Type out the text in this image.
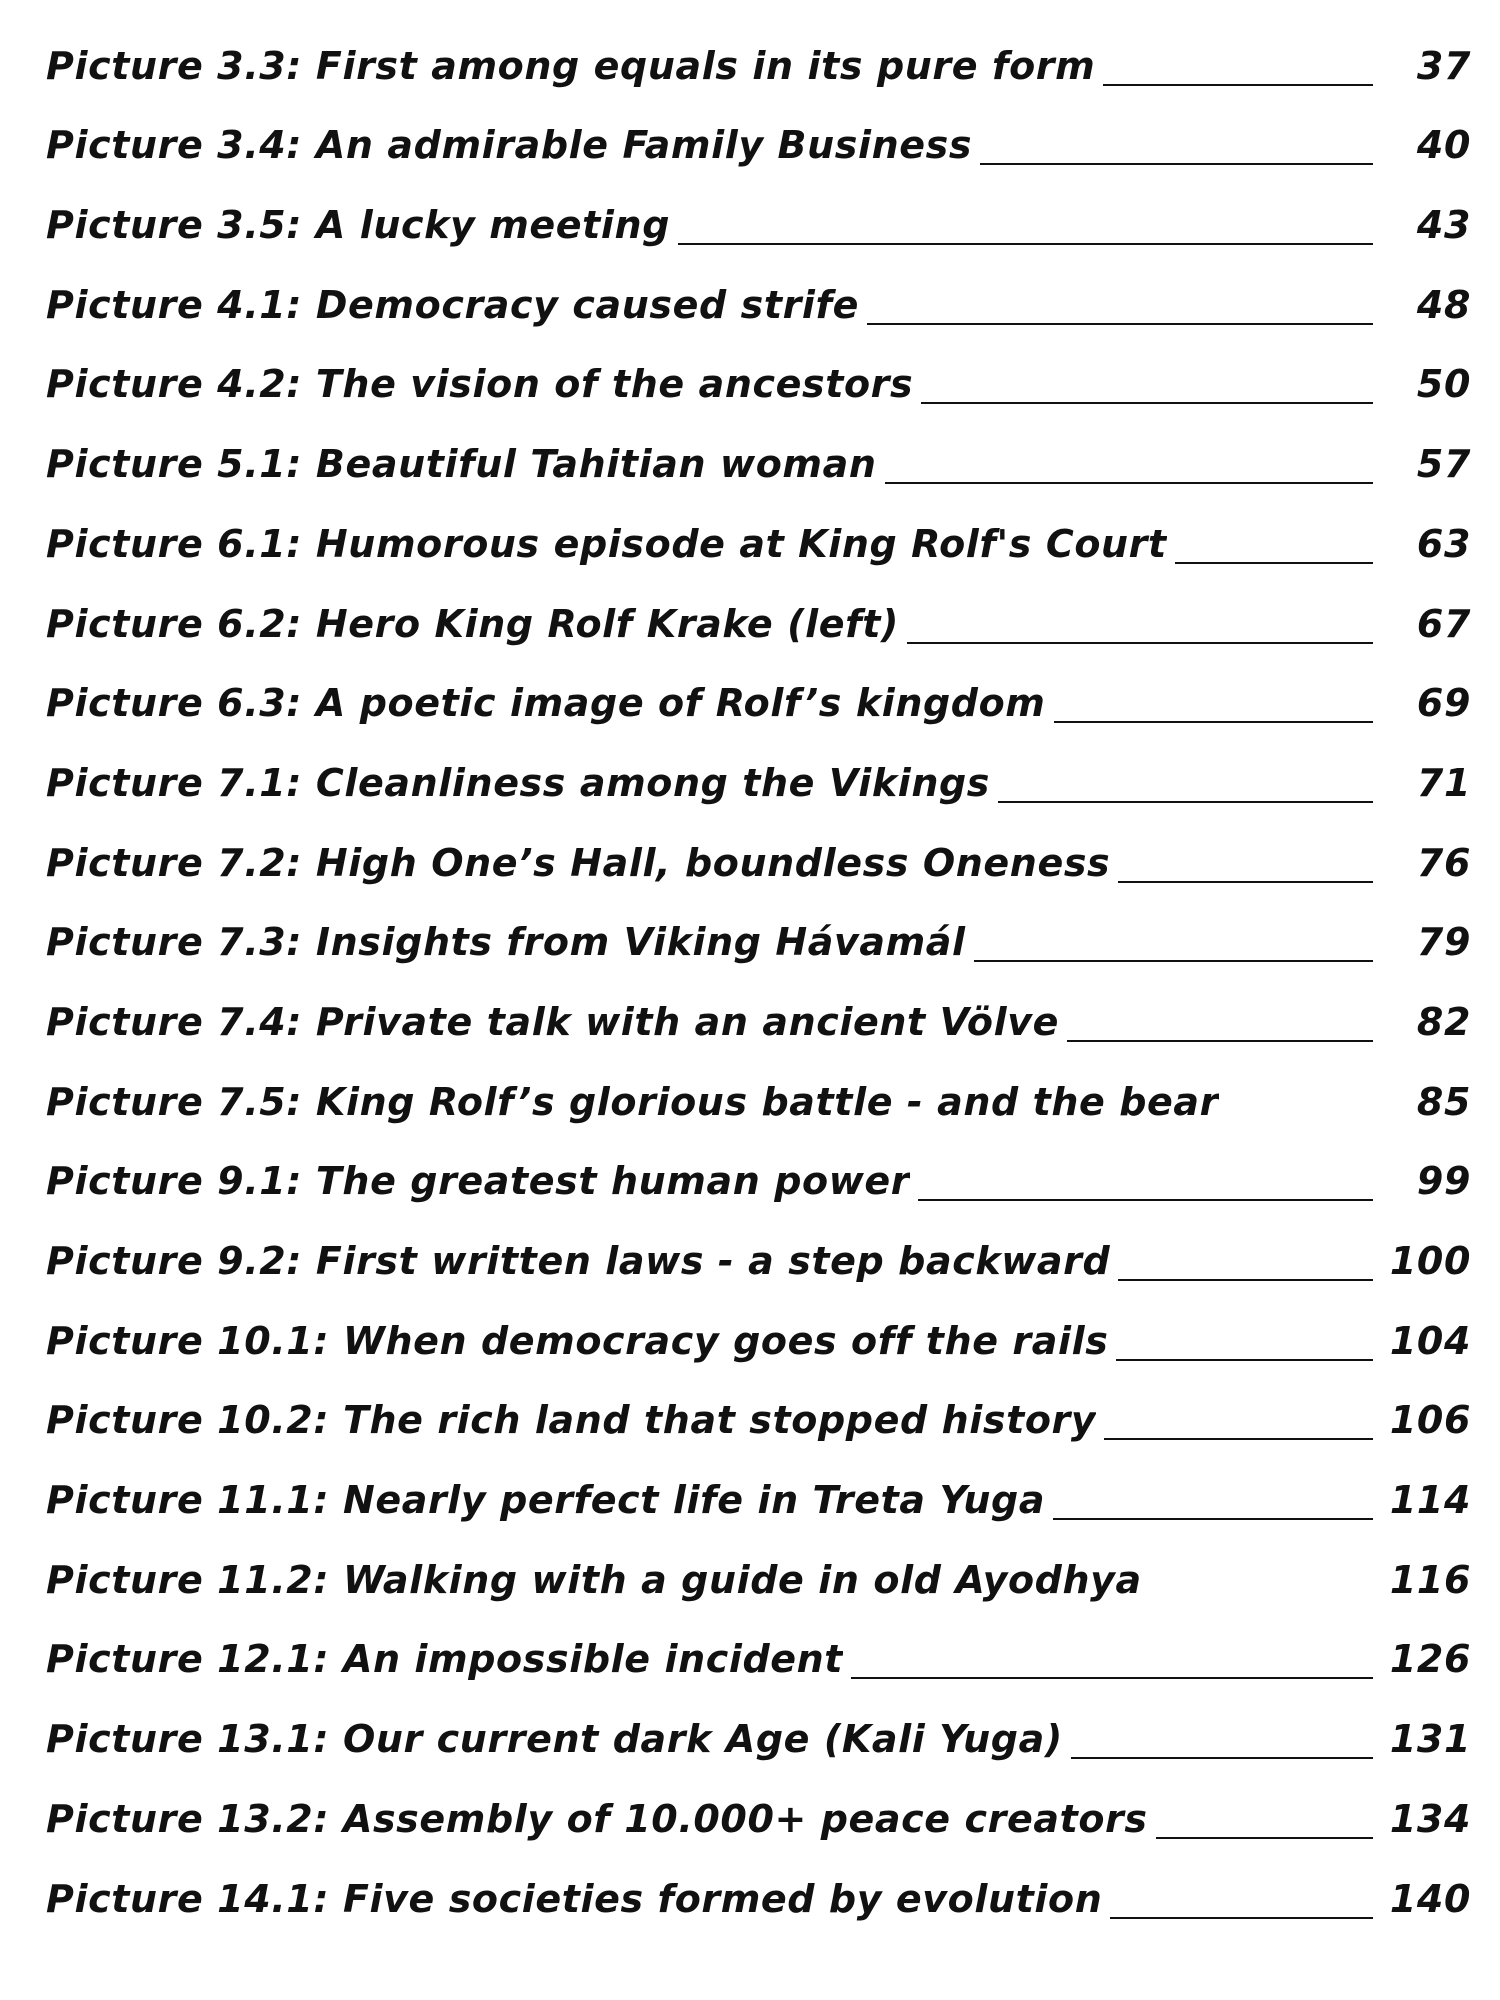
Picture 3.3: First among equals in its pure form	37
Picture 3.4: An admirable Family Business	40
Picture 3.5: A lucky meeting	43
Picture 4.1: Democracy caused strife	48
Picture 4.2: The vision of the ancestors	50
Picture 5.1: Beautiful Tahitian woman	57
Picture 6.1: Humorous episode at King Rolf's Court	63
Picture 6.2: Hero King Rolf Krake (left)	67
Picture 6.3: A poetic image of Rolf’s kingdom	69
Picture 7.1: Cleanliness among the Vikings	71
Picture 7.2: High One’s Hall, boundless Oneness	76
Picture 7.3: Insights from Viking Hávamál	79
Picture 7.4: Private talk with an ancient Völve	82
Picture 7.5: King Rolf’s glorious battle - and the bear	85
Picture 9.1: The greatest human power	99
Picture 9.2: First written laws - a step backward	100
Picture 10.1: When democracy goes off the rails	104
Picture 10.2: The rich land that stopped history	106
Picture 11.1: Nearly perfect life in Treta Yuga	114
Picture 11.2: Walking with a guide in old Ayodhya	116
Picture 12.1: An impossible incident	126
Picture 13.1: Our current dark Age (Kali Yuga)	131
Picture 13.2: Assembly of 10.000+ peace creators	134
Picture 14.1: Five societies formed by evolution	140
